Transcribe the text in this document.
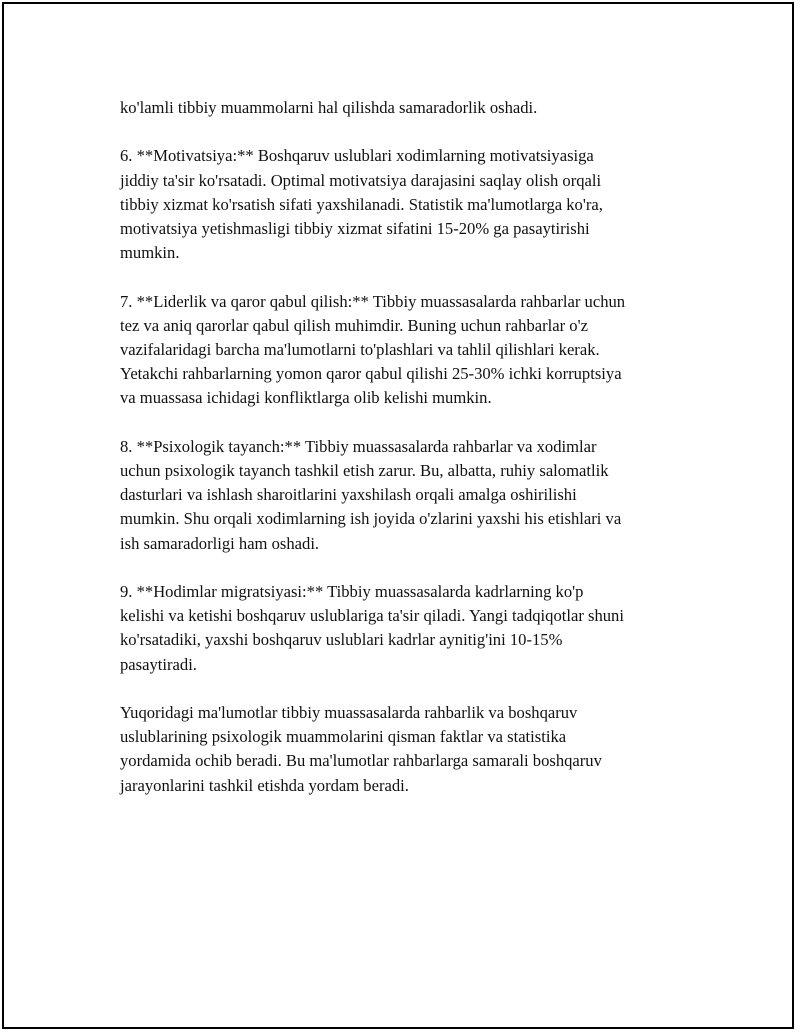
ko'lamli tibbiy muammolarni hal qilishda samaradorlik oshadi.

6. **Motivatsiya:** Boshqaruv uslublari xodimlarning motivatsiyasiga
jiddiy ta'sir ko'rsatadi. Optimal motivatsiya darajasini saqlay olish orqali
tibbiy xizmat ko'rsatish sifati yaxshilanadi. Statistik ma'lumotlarga ko'ra,
motivatsiya yetishmasligi tibbiy xizmat sifatini 15-20% ga pasaytirishi
mumkin.

7. **Liderlik va qaror qabul qilish:** Tibbiy muassasalarda rahbarlar uchun
tez va aniq qarorlar qabul qilish muhimdir. Buning uchun rahbarlar o'z
vazifalaridagi barcha ma'lumotlarni to'plashlari va tahlil qilishlari kerak.
Yetakchi rahbarlarning yomon qaror qabul qilishi 25-30% ichki korruptsiya
va muassasa ichidagi konfliktlarga olib kelishi mumkin.

8. **Psixologik tayanch:** Tibbiy muassasalarda rahbarlar va xodimlar
uchun psixologik tayanch tashkil etish zarur. Bu, albatta, ruhiy salomatlik
dasturlari va ishlash sharoitlarini yaxshilash orqali amalga oshirilishi
mumkin. Shu orqali xodimlarning ish joyida o'zlarini yaxshi his etishlari va
ish samaradorligi ham oshadi.

9. **Hodimlar migratsiyasi:** Tibbiy muassasalarda kadrlarning ko'p
kelishi va ketishi boshqaruv uslublariga ta'sir qiladi. Yangi tadqiqotlar shuni
ko'rsatadiki, yaxshi boshqaruv uslublari kadrlar aynitig'ini 10-15%
pasaytiradi.

Yuqoridagi ma'lumotlar tibbiy muassasalarda rahbarlik va boshqaruv
uslublarining psixologik muammolarini qisman faktlar va statistika
yordamida ochib beradi. Bu ma'lumotlar rahbarlarga samarali boshqaruv
jarayonlarini tashkil etishda yordam beradi.
